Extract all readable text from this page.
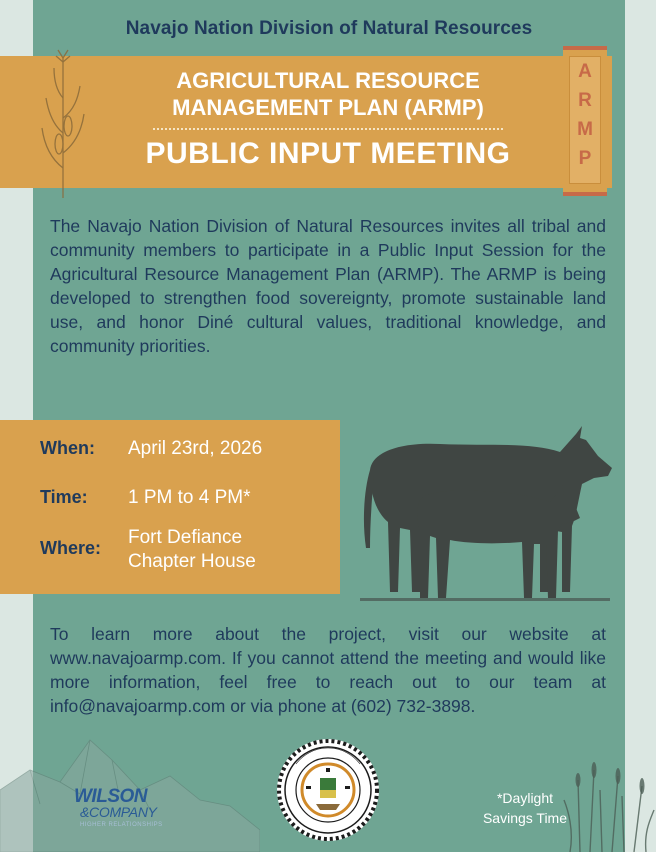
Navajo Nation Division of Natural Resources
AGRICULTURAL RESOURCE
MANAGEMENT PLAN (ARMP)
PUBLIC INPUT MEETING
A
R
M
P
The Navajo Nation Division of Natural Resources invites all tribal and community members to participate in a Public Input Session for the Agricultural Resource Management Plan (ARMP). The ARMP is being developed to strengthen food sovereignty, promote sustainable land use, and honor Diné cultural values, traditional knowledge, and community priorities.
When: April 23rd, 2026
Time: 1 PM to 4 PM*
Where: Fort Defiance
Chapter House
To learn more about the project, visit our website at www.navajoarmp.com. If you cannot attend the meeting and would like more information, feel free to reach out to our team at info@navajoarmp.com or via phone at (602) 732-3898.
WILSON
&COMPANY
HIGHER RELATIONSHIPS
*Daylight
Savings Time
